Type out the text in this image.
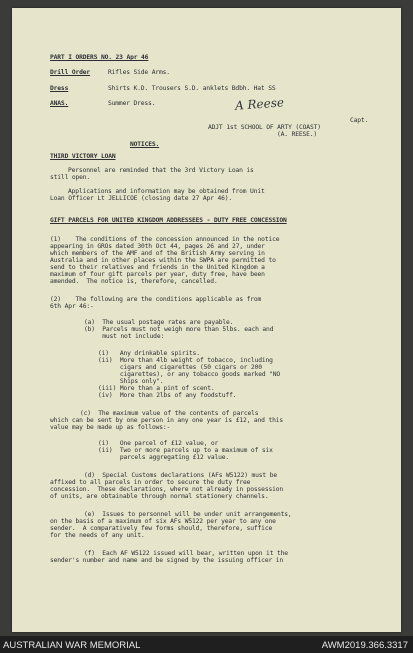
PART I ORDERS NO. 23 Apr 46
Drill Order	Rifles Side Arms.
Dress	Shirts K.D. Trousers S.D. anklets Bdbh. Hat SS
ANAS.	Summer Dress.	A Reese
Capt.
ADJT 1st SCHOOL OF ARTY (COAST)
(A. REESE.)
NOTICES.
THIRD VICTORY LOAN
Personnel are reminded that the 3rd Victory Loan is
still open.
Applications and information may be obtained from Unit
Loan Officer Lt JELLICOE (closing date 27 Apr 46).
GIFT PARCELS FOR UNITED KINGDOM ADDRESSEES - DUTY FREE CONCESSION
(1)    The conditions of the concession announced in the notice
appearing in GROs dated 30th Oct 44, pages 26 and 27, under
which members of the AMF and of the British Army serving in
Australia and in other places within the SWPA are permitted to
send to their relatives and friends in the United Kingdom a
maximum of four gift parcels per year, duty free, have been
amended.  The notice is, therefore, cancelled.
(2)    The following are the conditions applicable as from
6th Apr 46:-
(a)  The usual postage rates are payable.
(b)  Parcels must not weigh more than 5lbs. each and
must not include:
(i)   Any drinkable spirits.
(ii)  More than 4lb weight of tobacco, including
cigars and cigarettes (50 cigars or 200
cigarettes), or any tobacco goods marked "NO
Ships only".
(iii) More than a pint of scent.
(iv)  More than 2lbs of any foodstuff.
(c)  The maximum value of the contents of parcels
which can be sent by one person in any one year is £12, and this
value may be made up as follows:-
(i)   One parcel of £12 value, or
(ii)  Two or more parcels up to a maximum of six
parcels aggregating £12 value.
(d)  Special Customs declarations (AFs W5122) must be
affixed to all parcels in order to secure the duty free
concession.  These declarations, where not already in possession
of units, are obtainable through normal stationery channels.
(e)  Issues to personnel will be under unit arrangements,
on the basis of a maximum of six AFs W5122 per year to any one
sender.  A comparatively few forms should, therefore, suffice
for the needs of any unit.
(f)  Each AF W5122 issued will bear, written upon it the
sender's number and name and be signed by the issuing officer in
AUSTRALIAN WAR MEMORIAL	AWM2019.366.3317
